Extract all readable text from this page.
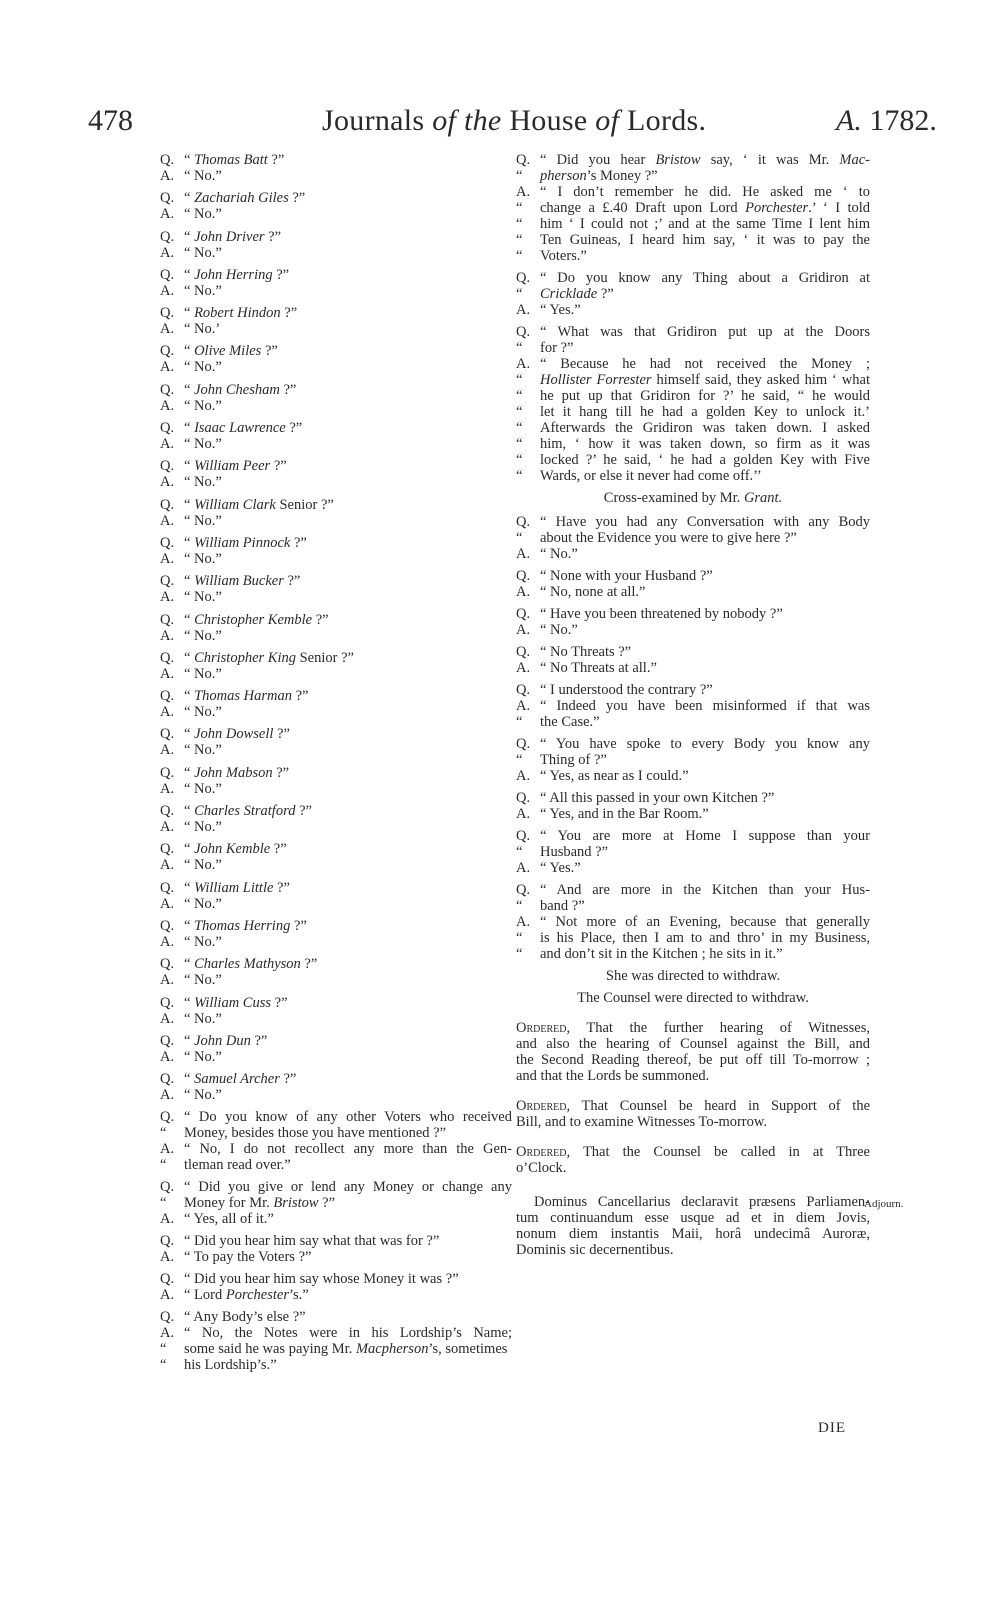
478	Journals of the House of Lords.	A. 1782.
Q. “ Thomas Batt ?”
A. “ No.”
Q. “ Zachariah Giles ?”
A. “ No.”
Q. “ John Driver ?”
A. “ No.”
Q. “ John Herring ?”
A. “ No.”
Q. “ Robert Hindon ?”
A. “ No.’
Q. “ Olive Miles ?”
A. “ No.”
Q. “ John Chesham ?”
A. “ No.”
Q. “ Isaac Lawrence ?”
A. “ No.”
Q. “ William Peer ?”
A. “ No.”
Q. “ William Clark Senior ?”
A. “ No.”
Q. “ William Pinnock ?”
A. “ No.”
Q. “ William Bucker ?”
A. “ No.”
Q. “ Christopher Kemble ?”
A. “ No.”
Q. “ Christopher King Senior ?”
A. “ No.”
Q. “ Thomas Harman ?”
A. “ No.”
Q. “ John Dowsell ?”
A. “ No.”
Q. “ John Mabson ?”
A. “ No.”
Q. “ Charles Stratford ?”
A. “ No.”
Q. “ John Kemble ?”
A. “ No.”
Q. “ William Little ?”
A. “ No.”
Q. “ Thomas Herring ?”
A. “ No.”
Q. “ Charles Mathyson ?”
A. “ No.”
Q. “ William Cuss ?”
A. “ No.”
Q. “ John Dun ?”
A. “ No.”
Q. “ Samuel Archer ?”
A. “ No.”
Q. “ Do you know of any other Voters who received
“ Money, besides those you have mentioned ?”
A. “ No, I do not recollect any more than the Gen-
“ tleman read over.”
Q. “ Did you give or lend any Money or change any
“ Money for Mr. Bristow ?”
A. “ Yes, all of it.”
Q. “ Did you hear him say what that was for ?”
A. “ To pay the Voters ?”
Q. “ Did you hear him say whose Money it was ?”
A. “ Lord Porchester’s.”
Q. “ Any Body’s else ?”
A. “ No, the Notes were in his Lordship’s Name;
“ some said he was paying Mr. Macpherson’s, sometimes
“ his Lordship’s.”
Q. “ Did you hear Bristow say, ‘ it was Mr. Mac-
“ pherson’s Money ?”
A. “ I don’t remember he did. He asked me ‘ to
“ change a £.40 Draft upon Lord Porchester.’ ‘ I told
“ him ‘ I could not ;’ and at the same Time I lent him
“ Ten Guineas, I heard him say, ‘ it was to pay the
“ Voters.”
Q. “ Do you know any Thing about a Gridiron at
“ Cricklade ?”
A. “ Yes.”
Q. “ What was that Gridiron put up at the Doors
“ for ?”
A. “ Because he had not received the Money ;
“ Hollister Forrester himself said, they asked him ‘ what
“ he put up that Gridiron for ?’ he said, “ he would
“ let it hang till he had a golden Key to unlock it.’
“ Afterwards the Gridiron was taken down. I asked
“ him, ‘ how it was taken down, so firm as it was
“ locked ?’ he said, ‘ he had a golden Key with Five
“ Wards, or else it never had come off.’’
Cross-examined by Mr. Grant.
Q. “ Have you had any Conversation with any Body
“ about the Evidence you were to give here ?”
A. “ No.”
Q. “ None with your Husband ?”
A. “ No, none at all.”
Q. “ Have you been threatened by nobody ?”
A. “ No.”
Q. “ No Threats ?”
A. “ No Threats at all.”
Q. “ I understood the contrary ?”
A. “ Indeed you have been misinformed if that was
“ the Case.”
Q. “ You have spoke to every Body you know any
“ Thing of ?”
A. “ Yes, as near as I could.”
Q. “ All this passed in your own Kitchen ?”
A. “ Yes, and in the Bar Room.”
Q. “ You are more at Home I suppose than your
“ Husband ?”
A. “ Yes.”
Q. “ And are more in the Kitchen than your Hus-
“ band ?”
A. “ Not more of an Evening, because that generally
“ is his Place, then I am to and thro’ in my Business,
“ and don’t sit in the Kitchen ; he sits in it.”
She was directed to withdraw.
The Counsel were directed to withdraw.
Ordered, That the further hearing of Witnesses,
and also the hearing of Counsel against the Bill, and
the Second Reading thereof, be put off till To-morrow ;
and that the Lords be summoned.
Ordered, That Counsel be heard in Support of the
Bill, and to examine Witnesses To-morrow.
Ordered, That the Counsel be called in at Three
o’Clock.
Adjourn.
Dominus Cancellarius declaravit præsens Parliamen-
tum continuandum esse usque ad et in diem Jovis,
nonum diem instantis Maii, horâ undecimâ Auroræ,
Dominis sic decernentibus.
DIE
